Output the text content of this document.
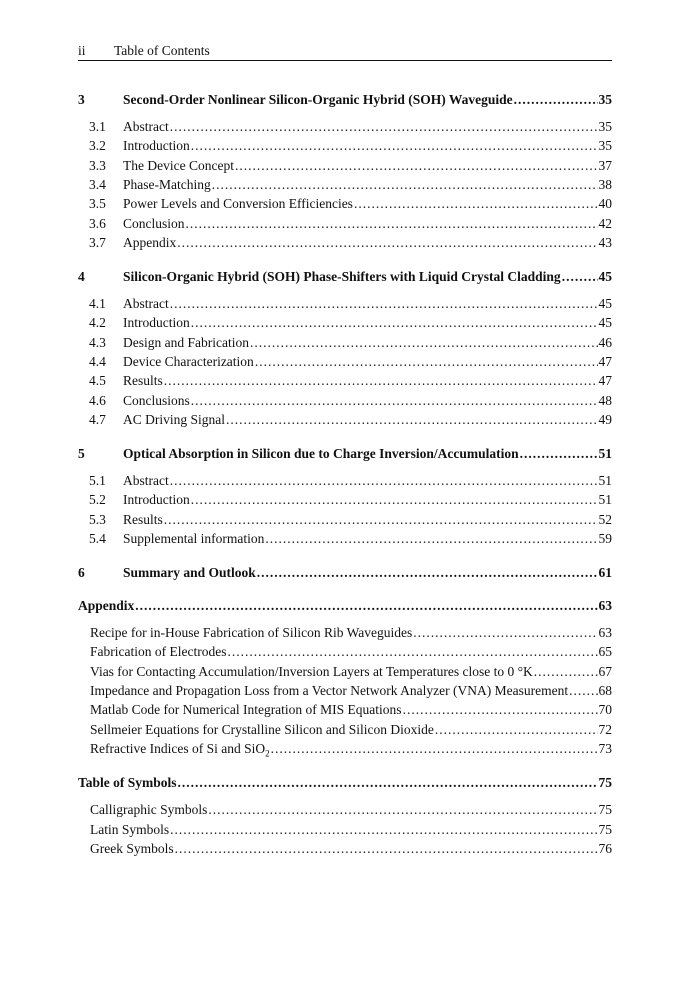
ii Table of Contents
3	Second-Order Nonlinear Silicon-Organic Hybrid (SOH) Waveguide .....	35
3.1 Abstract .....	35
3.2 Introduction .....	35
3.3 The Device Concept .....	37
3.4 Phase-Matching .....	38
3.5 Power Levels and Conversion Efficiencies .....	40
3.6 Conclusion .....	42
3.7 Appendix .....	43
4	Silicon-Organic Hybrid (SOH) Phase-Shifters with Liquid Crystal Cladding .....	45
4.1 Abstract .....	45
4.2 Introduction .....	45
4.3 Design and Fabrication .....	46
4.4 Device Characterization .....	47
4.5 Results .....	47
4.6 Conclusions .....	48
4.7 AC Driving Signal .....	49
5	Optical Absorption in Silicon due to Charge Inversion/Accumulation .....	51
5.1 Abstract .....	51
5.2 Introduction .....	51
5.3 Results .....	52
5.4 Supplemental information .....	59
6	Summary and Outlook .....	61
Appendix .....	63
Recipe for in-House Fabrication of Silicon Rib Waveguides .....	63
Fabrication of Electrodes .....	65
Vias for Contacting Accumulation/Inversion Layers at Temperatures close to 0 °K .....	67
Impedance and Propagation Loss from a Vector Network Analyzer (VNA) Measurement ..... 68
Matlab Code for Numerical Integration of MIS Equations .....	70
Sellmeier Equations for Crystalline Silicon and Silicon Dioxide .....	72
Refractive Indices of Si and SiO$_2$ .....	73
Table of Symbols .....	75
Calligraphic Symbols .....	75
Latin Symbols .....	75
Greek Symbols .....	76
